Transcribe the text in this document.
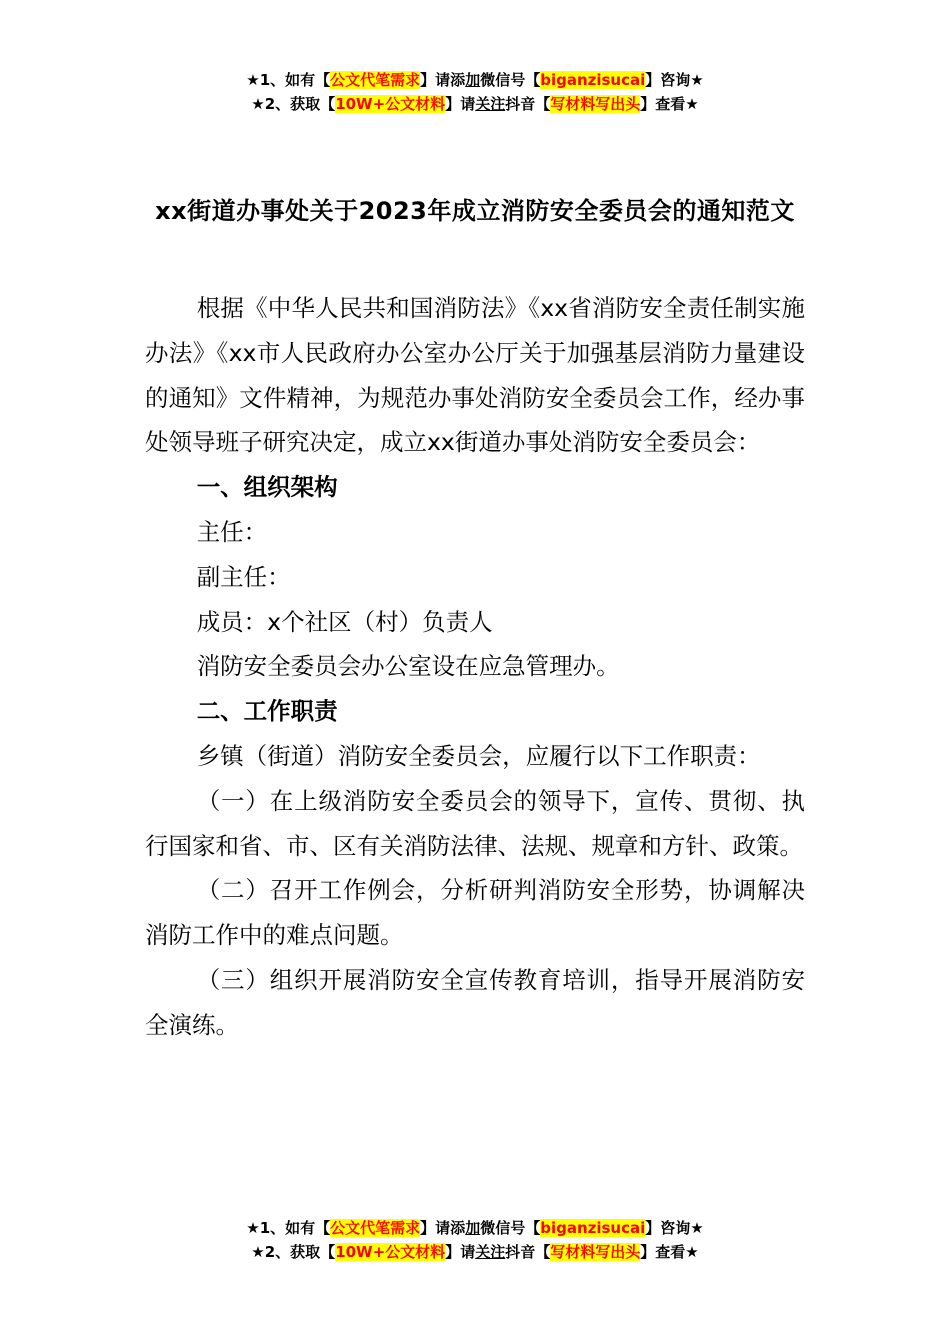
★1、如有【公文代笔需求】请添加微信号【biganzisucai】咨询★
★2、获取【10W+公文材料】请关注抖音【写材料写出头】查看★
xx街道办事处关于2023年成立消防安全委员会的通知范文

根据《中华人民共和国消防法》《xx省消防安全责任制实施办法》《xx市人民政府办公室办公厅关于加强基层消防力量建设的通知》文件精神，为规范办事处消防安全委员会工作，经办事处领导班子研究决定，成立xx街道办事处消防安全委员会：

一、组织架构

主任：

副主任：

成员：x个社区（村）负责人

消防安全委员会办公室设在应急管理办。

二、工作职责

乡镇（街道）消防安全委员会，应履行以下工作职责：

（一）在上级消防安全委员会的领导下，宣传、贯彻、执行国家和省、市、区有关消防法律、法规、规章和方针、政策。

（二）召开工作例会，分析研判消防安全形势，协调解决消防工作中的难点问题。

（三）组织开展消防安全宣传教育培训，指导开展消防安全演练。

★1、如有【公文代笔需求】请添加微信号【biganzisucai】咨询★
★2、获取【10W+公文材料】请关注抖音【写材料写出头】查看★
